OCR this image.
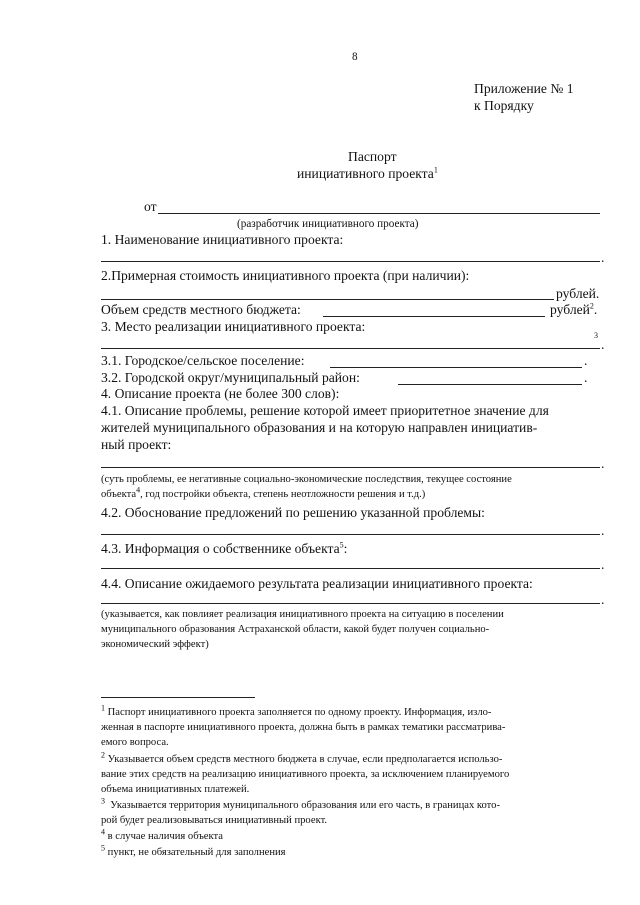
8
Приложение № 1
к Порядку
Паспорт
инициативного проекта$^1$
от
(разработчик инициативного проекта)
1. Наименование инициативного проекта:
.
2.Примерная стоимость инициативного проекта (при наличии):
рублей.
Объем средств местного бюджета:	рублей$^2$.
3. Место реализации инициативного проекта:
3
.
3.1. Городское/сельское поселение:	.
3.2. Городской округ/муниципальный район:	.
4. Описание проекта (не более 300 слов):
4.1. Описание проблемы, решение которой имеет приоритетное значение для
жителей муниципального образования и на которую направлен инициатив-
ный проект:
.
(суть проблемы, ее негативные социально-экономические последствия, текущее состояние
объекта$^4$, год постройки объекта, степень неотложности решения и т.д.)
4.2. Обоснование предложений по решению указанной проблемы:
.
4.3. Информация о собственнике объекта$^5$:
.
4.4. Описание ожидаемого результата реализации инициативного проекта:
.
(указывается, как повлияет реализация инициативного проекта на ситуацию в поселении
муниципального образования Астраханской области, какой будет получен социально-
экономический эффект)
$^1$ Паспорт инициативного проекта заполняется по одному проекту. Информация, изло-
женная в паспорте инициативного проекта, должна быть в рамках тематики рассматрива-
емого вопроса.
$^2$ Указывается объем средств местного бюджета в случае, если предполагается использо-
вание этих средств на реализацию инициативного проекта, за исключением планируемого
объема инициативных платежей.
$^3$ Указывается территория муниципального образования или его часть, в границах кото-
рой будет реализовываться инициативный проект.
$^4$ в случае наличия объекта
$^5$ пункт, не обязательный для заполнения
